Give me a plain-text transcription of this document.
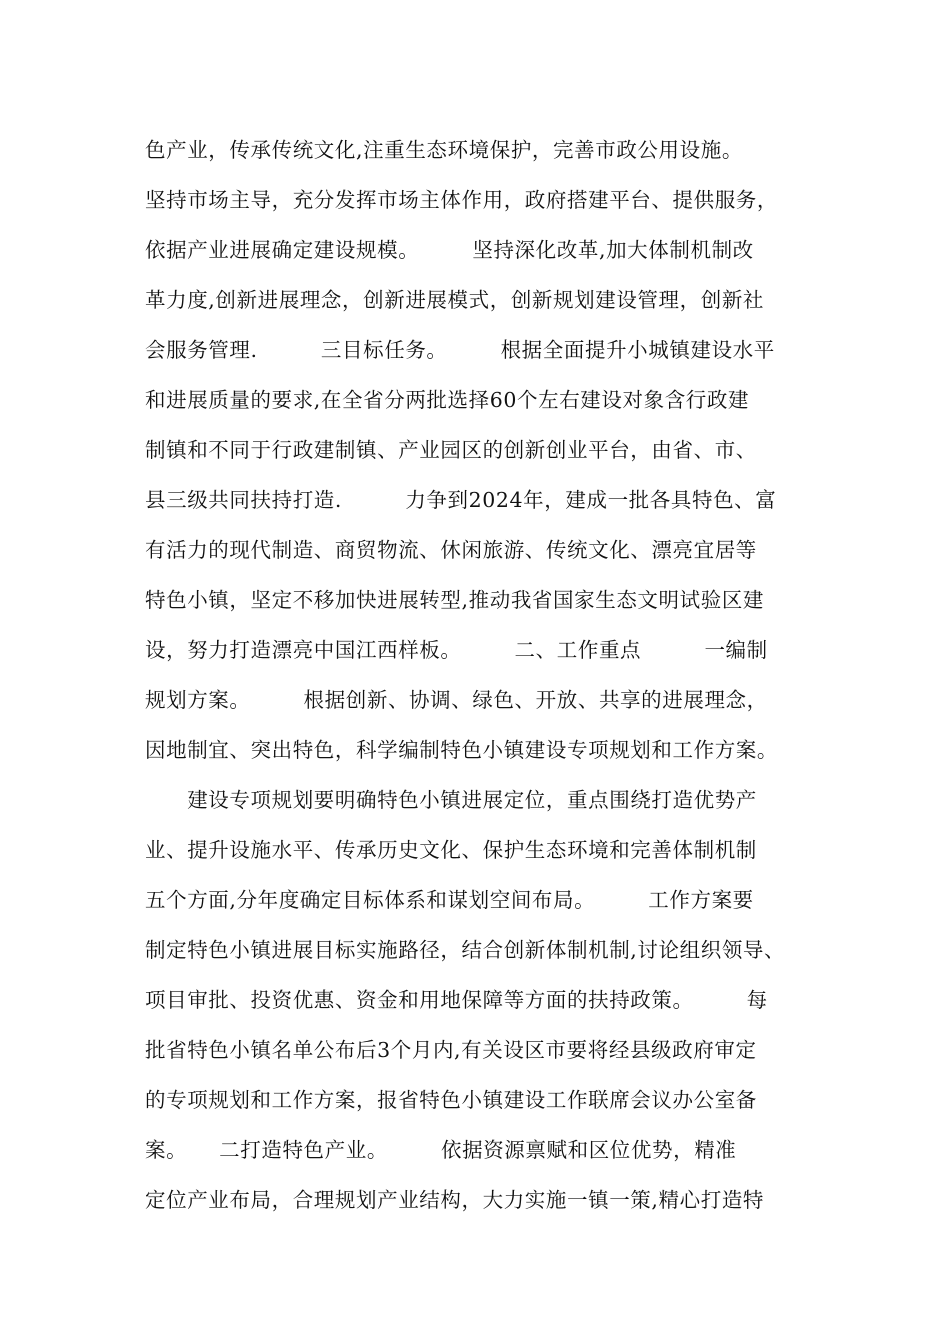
色产业，传承传统文化,注重生态环境保护，完善市政公用设施。
坚持市场主导，充分发挥市场主体作用，政府搭建平台、提供服务，
依据产业进展确定建设规模。　　　坚持深化改革,加大体制机制改
革力度,创新进展理念，创新进展模式，创新规划建设管理，创新社
会服务管理.　　　三目标任务。　　　根据全面提升小城镇建设水平
和进展质量的要求,在全省分两批选择60个左右建设对象含行政建
制镇和不同于行政建制镇、产业园区的创新创业平台，由省、市、
县三级共同扶持打造.　　　力争到2024年，建成一批各具特色、富
有活力的现代制造、商贸物流、休闲旅游、传统文化、漂亮宜居等
特色小镇，坚定不移加快进展转型,推动我省国家生态文明试验区建
设，努力打造漂亮中国江西样板。　　　二、工作重点　　　一编制
规划方案。　　　根据创新、协调、绿色、开放、共享的进展理念，
因地制宜、突出特色，科学编制特色小镇建设专项规划和工作方案。
　　建设专项规划要明确特色小镇进展定位，重点围绕打造优势产
业、提升设施水平、传承历史文化、保护生态环境和完善体制机制
五个方面,分年度确定目标体系和谋划空间布局。　　　工作方案要
制定特色小镇进展目标实施路径，结合创新体制机制,讨论组织领导、
项目审批、投资优惠、资金和用地保障等方面的扶持政策。　　　每
批省特色小镇名单公布后3个月内,有关设区市要将经县级政府审定
的专项规划和工作方案，报省特色小镇建设工作联席会议办公室备
案。　　二打造特色产业。　　　依据资源禀赋和区位优势，精准
定位产业布局，合理规划产业结构，大力实施一镇一策,精心打造特
